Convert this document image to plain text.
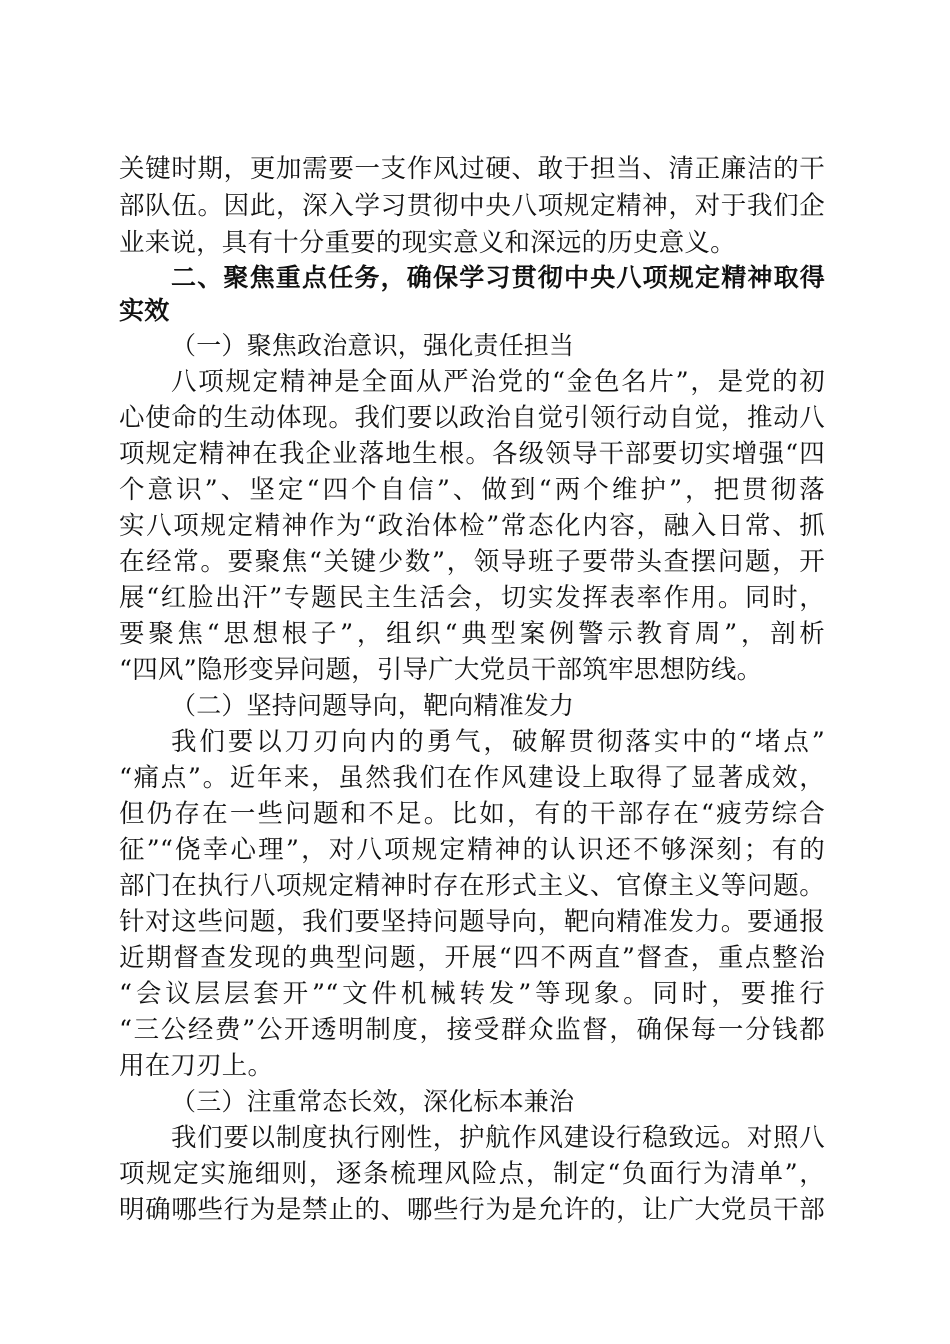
关键时期，更加需要一支作风过硬、敢于担当、清正廉洁的干
部队伍。因此，深入学习贯彻中央八项规定精神，对于我们企
业来说，具有十分重要的现实意义和深远的历史意义。
二、聚焦重点任务，确保学习贯彻中央八项规定精神取得
实效
（一）聚焦政治意识，强化责任担当
八项规定精神是全面从严治党的“金色名片”，是党的初
心使命的生动体现。我们要以政治自觉引领行动自觉，推动八
项规定精神在我企业落地生根。各级领导干部要切实增强“四
个意识”、坚定“四个自信”、做到“两个维护”，把贯彻落
实八项规定精神作为“政治体检”常态化内容，融入日常、抓
在经常。要聚焦“关键少数”，领导班子要带头查摆问题，开
展“红脸出汗”专题民主生活会，切实发挥表率作用。同时，
要聚焦“思想根子”，组织“典型案例警示教育周”，剖析
“四风”隐形变异问题，引导广大党员干部筑牢思想防线。
（二）坚持问题导向，靶向精准发力
我们要以刀刃向内的勇气，破解贯彻落实中的“堵点”
“痛点”。近年来，虽然我们在作风建设上取得了显著成效，
但仍存在一些问题和不足。比如，有的干部存在“疲劳综合
征”“侥幸心理”，对八项规定精神的认识还不够深刻；有的
部门在执行八项规定精神时存在形式主义、官僚主义等问题。
针对这些问题，我们要坚持问题导向，靶向精准发力。要通报
近期督查发现的典型问题，开展“四不两直”督查，重点整治
“会议层层套开”“文件机械转发”等现象。同时，要推行
“三公经费”公开透明制度，接受群众监督，确保每一分钱都
用在刀刃上。
（三）注重常态长效，深化标本兼治
我们要以制度执行刚性，护航作风建设行稳致远。对照八
项规定实施细则，逐条梳理风险点，制定“负面行为清单”，
明确哪些行为是禁止的、哪些行为是允许的，让广大党员干部
